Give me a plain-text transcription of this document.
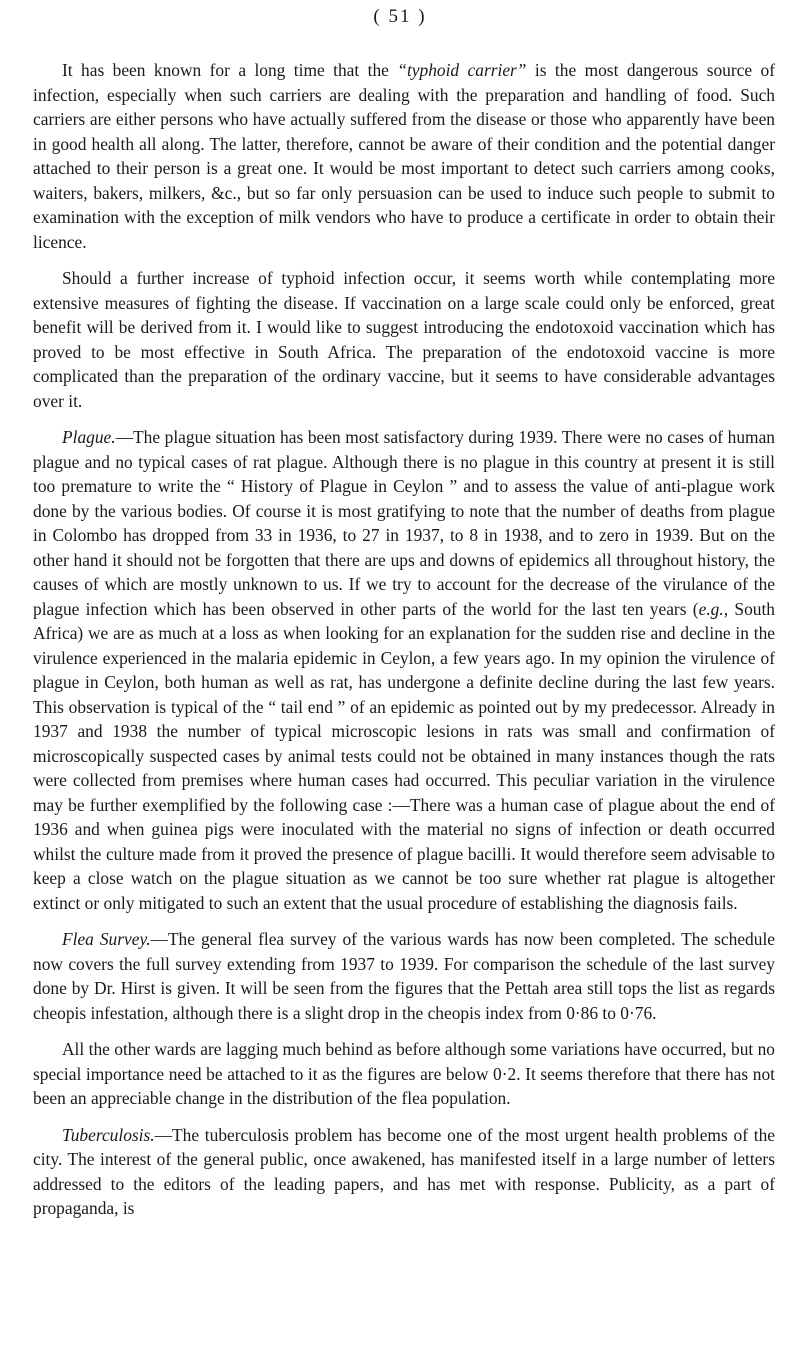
( 51 )

It has been known for a long time that the “typhoid carrier” is the most dangerous source of infection, especially when such carriers are dealing with the preparation and handling of food. Such carriers are either persons who have actually suffered from the disease or those who apparently have been in good health all along. The latter, therefore, cannot be aware of their condition and the potential danger attached to their person is a great one. It would be most important to detect such carriers among cooks, waiters, bakers, milkers, &c., but so far only persuasion can be used to induce such people to submit to examination with the exception of milk vendors who have to produce a certificate in order to obtain their licence.

Should a further increase of typhoid infection occur, it seems worth while contemplating more extensive measures of fighting the disease. If vaccination on a large scale could only be enforced, great benefit will be derived from it. I would like to suggest introducing the endotoxoid vaccination which has proved to be most effective in South Africa. The preparation of the endotoxoid vaccine is more complicated than the preparation of the ordinary vaccine, but it seems to have considerable advantages over it.

Plague.—The plague situation has been most satisfactory during 1939. There were no cases of human plague and no typical cases of rat plague. Although there is no plague in this country at present it is still too premature to write the “ History of Plague in Ceylon ” and to assess the value of anti-plague work done by the various bodies. Of course it is most gratifying to note that the number of deaths from plague in Colombo has dropped from 33 in 1936, to 27 in 1937, to 8 in 1938, and to zero in 1939. But on the other hand it should not be forgotten that there are ups and downs of epidemics all throughout history, the causes of which are mostly unknown to us. If we try to account for the decrease of the virulance of the plague infection which has been observed in other parts of the world for the last ten years (e.g., South Africa) we are as much at a loss as when looking for an explanation for the sudden rise and decline in the virulence experienced in the malaria epidemic in Ceylon, a few years ago. In my opinion the virulence of plague in Ceylon, both human as well as rat, has undergone a definite decline during the last few years. This observation is typical of the “ tail end ” of an epidemic as pointed out by my predecessor. Already in 1937 and 1938 the number of typical microscopic lesions in rats was small and confirmation of microscopically suspected cases by animal tests could not be obtained in many instances though the rats were collected from premises where human cases had occurred. This peculiar variation in the virulence may be further exemplified by the following case :—There was a human case of plague about the end of 1936 and when guinea pigs were inoculated with the material no signs of infection or death occurred whilst the culture made from it proved the presence of plague bacilli. It would therefore seem advisable to keep a close watch on the plague situation as we cannot be too sure whether rat plague is altogether extinct or only mitigated to such an extent that the usual procedure of establishing the diagnosis fails.

Flea Survey.—The general flea survey of the various wards has now been completed. The schedule now covers the full survey extending from 1937 to 1939. For comparison the schedule of the last survey done by Dr. Hirst is given. It will be seen from the figures that the Pettah area still tops the list as regards cheopis infestation, although there is a slight drop in the cheopis index from 0·86 to 0·76.

All the other wards are lagging much behind as before although some variations have occurred, but no special importance need be attached to it as the figures are below 0·2. It seems therefore that there has not been an appreciable change in the distribution of the flea population.

Tuberculosis.—The tuberculosis problem has become one of the most urgent health problems of the city. The interest of the general public, once awakened, has manifested itself in a large number of letters addressed to the editors of the leading papers, and has met with response. Publicity, as a part of propaganda, is
